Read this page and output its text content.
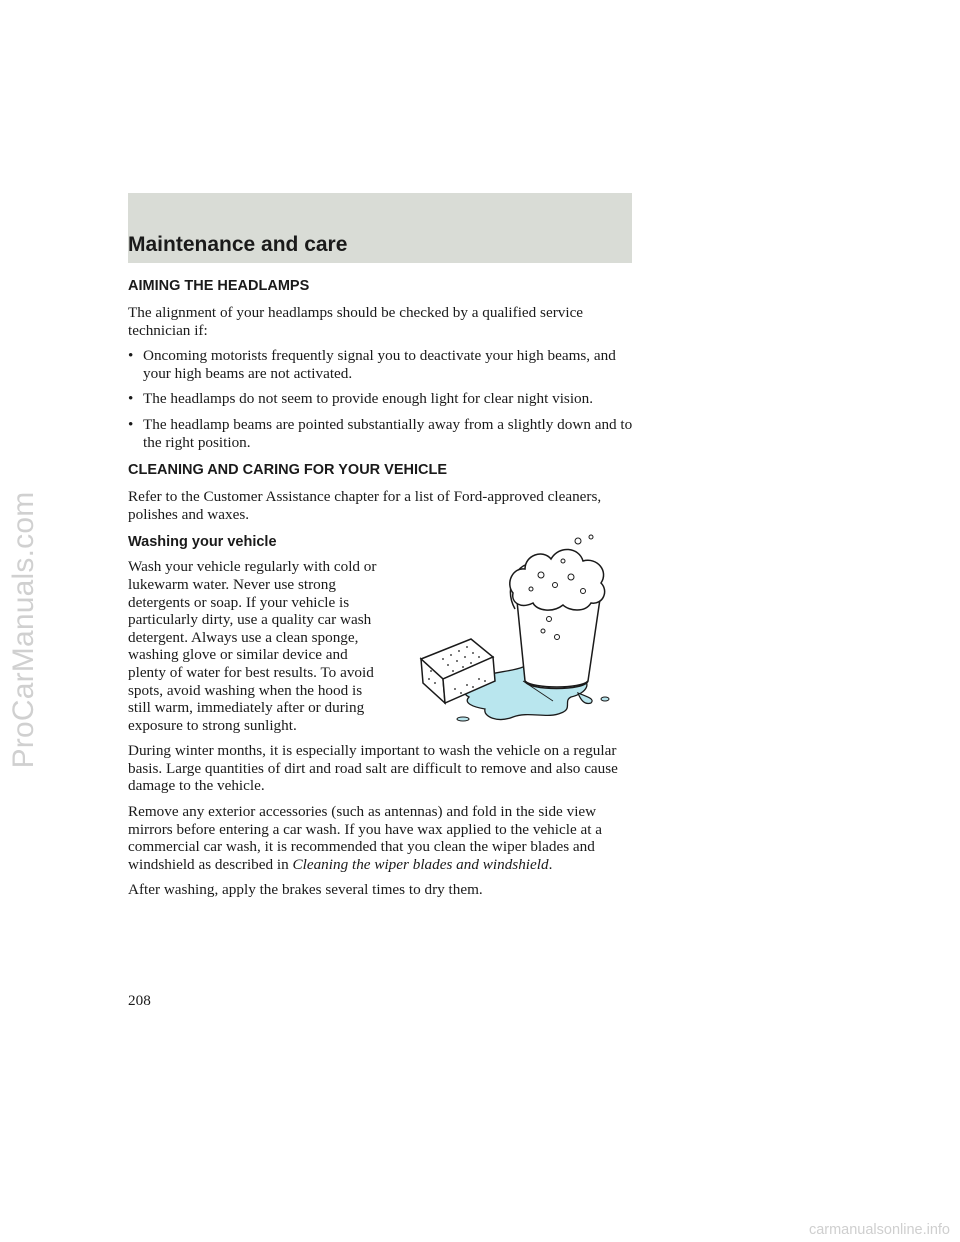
ProCarManuals.com
Maintenance and care
AIMING THE HEADLAMPS

The alignment of your headlamps should be checked by a qualified service technician if:

• Oncoming motorists frequently signal you to deactivate your high beams, and your high beams are not activated.
• The headlamps do not seem to provide enough light for clear night vision.
• The headlamp beams are pointed substantially away from a slightly down and to the right position.
CLEANING AND CARING FOR YOUR VEHICLE

Refer to the Customer Assistance chapter for a list of Ford-approved cleaners, polishes and waxes.

Washing your vehicle

Wash your vehicle regularly with cold or lukewarm water. Never use strong detergents or soap. If your vehicle is particularly dirty, use a quality car wash detergent. Always use a clean sponge, washing glove or similar device and plenty of water for best results. To avoid spots, avoid washing when the hood is still warm, immediately after or during exposure to strong sunlight.

During winter months, it is especially important to wash the vehicle on a regular basis. Large quantities of dirt and road salt are difficult to remove and also cause damage to the vehicle.

Remove any exterior accessories (such as antennas) and fold in the side view mirrors before entering a car wash. If you have wax applied to the vehicle at a commercial car wash, it is recommended that you clean the wiper blades and windshield as described in Cleaning the wiper blades and windshield.

After washing, apply the brakes several times to dry them.

208
carmanualsonline.info
